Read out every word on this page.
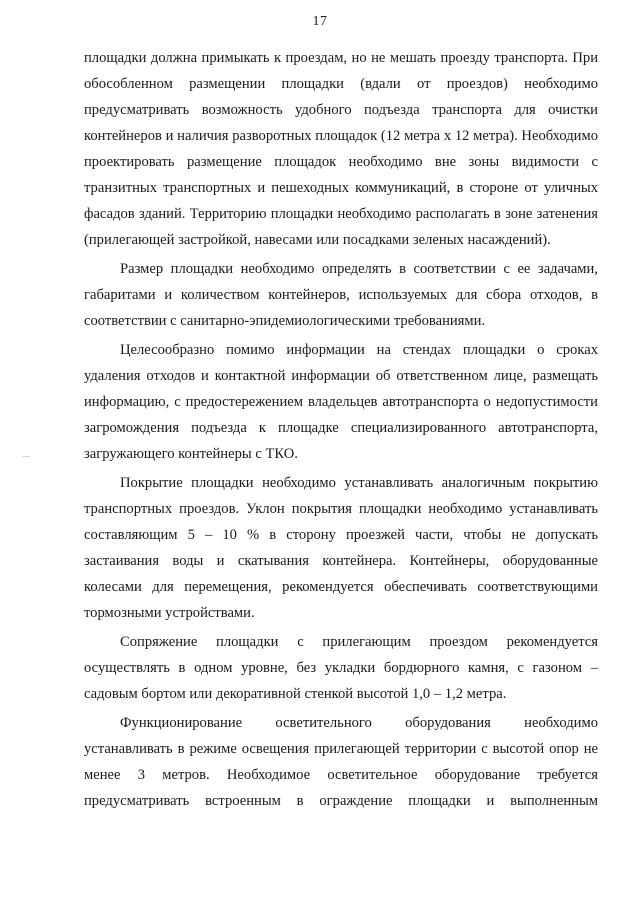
17

площадки должна примыкать к проездам, но не мешать проезду транспорта. При обособленном размещении площадки (вдали от проездов) необходимо предусматривать возможность удобного подъезда транспорта для очистки контейнеров и наличия разворотных площадок (12 метра х 12 метра). Необходимо проектировать размещение площадок необходимо вне зоны видимости с транзитных транспортных и пешеходных коммуникаций, в стороне от уличных фасадов зданий. Территорию площадки необходимо располагать в зоне затенения (прилегающей застройкой, навесами или посадками зеленых насаждений).

Размер площадки необходимо определять в соответствии с ее задачами, габаритами и количеством контейнеров, используемых для сбора отходов, в соответствии с санитарно-эпидемиологическими требованиями.

Целесообразно помимо информации на стендах площадки о сроках удаления отходов и контактной информации об ответственном лице, размещать информацию, с предостережением владельцев автотранспорта о недопустимости загромождения подъезда к площадке специализированного автотранспорта, загружающего контейнеры с ТКО.

Покрытие площадки необходимо устанавливать аналогичным покрытию транспортных проездов. Уклон покрытия площадки необходимо устанавливать составляющим 5 – 10 % в сторону проезжей части, чтобы не допускать застаивания воды и скатывания контейнера. Контейнеры, оборудованные колесами для перемещения, рекомендуется обеспечивать соответствующими тормозными устройствами.

Сопряжение площадки с прилегающим проездом рекомендуется осуществлять в одном уровне, без укладки бордюрного камня, с газоном – садовым бортом или декоративной стенкой высотой 1,0 – 1,2 метра.

Функционирование осветительного оборудования необходимо устанавливать в режиме освещения прилегающей территории с высотой опор не менее 3 метров. Необходимое осветительное оборудование требуется предусматривать встроенным в ограждение площадки и выполненным
